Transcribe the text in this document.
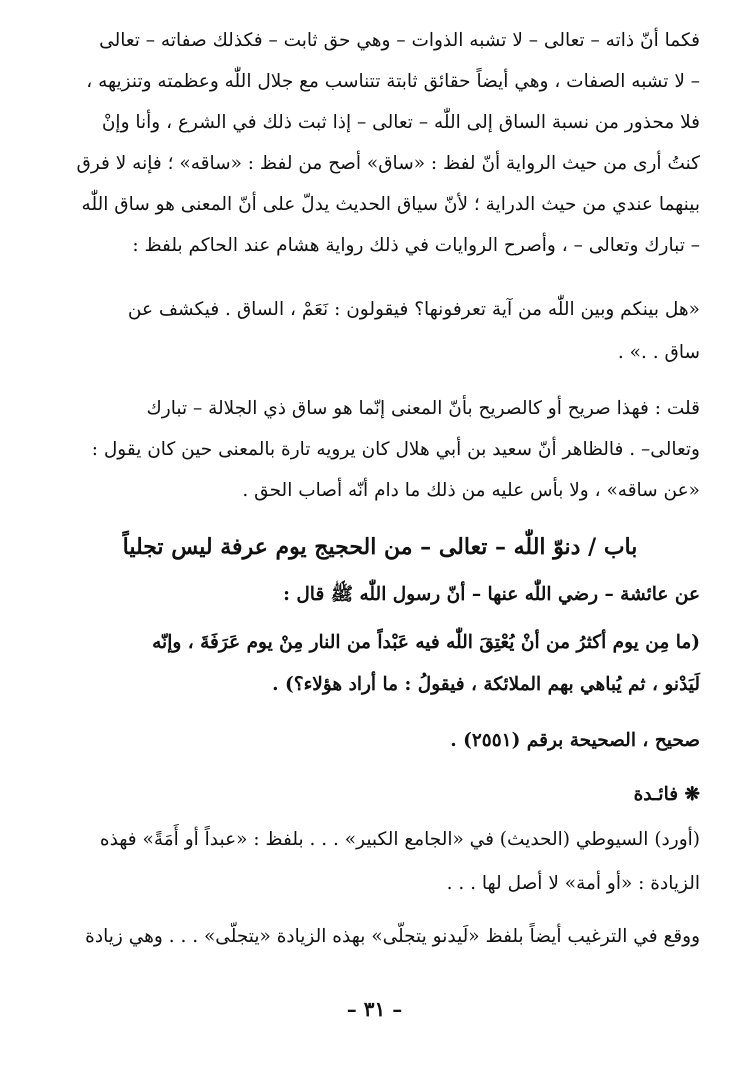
فكما أنّ ذاته – تعالى – لا تشبه الذوات – وهي حق ثابت – فكذلك صفاته – تعالى
– لا تشبه الصفات ، وهي أيضاً حقائق ثابتة تتناسب مع جلال اللّٰه وعظمته وتنزيهه ،
فلا محذور من نسبة الساق إلى اللّٰه – تعالى – إذا ثبت ذلك في الشرع ، وأنا وإنْ
كنتُ أرى من حيث الرواية أنّ لفظ : «ساق» أصح من لفظ : «ساقه» ؛ فإنه لا فرق
بينهما عندي من حيث الدراية ؛ لأنّ سياق الحديث يدلّ على أنّ المعنى هو ساق اللّٰه
– تبارك وتعالى – ، وأصرح الروايات في ذلك رواية هشام عند الحاكم بلفظ :
«هل بينكم وبين اللّٰه من آية تعرفونها؟ فيقولون : نَعَمْ ، الساق . فيكشف عن
ساق . .» .
قلت : فهذا صريح أو كالصريح بأنّ المعنى إنّما هو ساق ذي الجلالة – تبارك
وتعالى– . فالظاهر أنّ سعيد بن أبي هلال كان يرويه تارة بالمعنى حين كان يقول :
«عن ساقه» ، ولا بأس عليه من ذلك ما دام أنّه أصاب الحق .
باب / دنوّ اللّٰه – تعالى – من الحجيج يوم عرفة ليس تجلياً
عن عائشة – رضي اللّٰه عنها – أنّ رسول اللّٰه ﷺ قال :
(ما مِن يوم أكثرُ من أنْ يُعْتِقَ اللّٰه فيه عَبْداً من النار مِنْ يوم عَرَفَةَ ، وإنّه
لَيَدْنو ، ثم يُباهي بهم الملائكة ، فيقولُ : ما أراد هؤلاء؟) .
صحيح ، الصحيحة برقم (٢٥٥١) .
❋ فائـدة
(أورد) السيوطي (الحديث) في «الجامع الكبير» . . . بلفظ : «عبداً أو أَمَةً» فهذه
الزيادة : «أو أمة» لا أصل لها . . .
ووقع في الترغيب أيضاً بلفظ «لَيدنو يتجلّى» بهذه الزيادة «يتجلّى» . . . وهي زيادة
– ٣١ –
